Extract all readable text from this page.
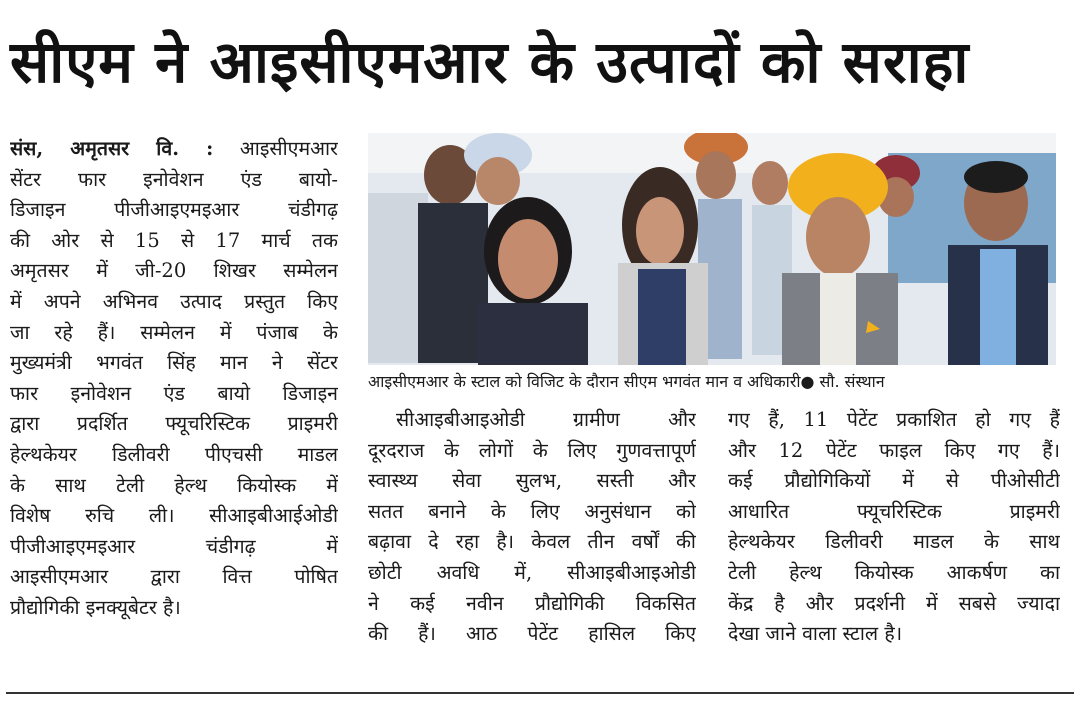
सीएम ने आइसीएमआर के उत्पादों को सराहा
संस, अमृतसर वि. : आइसीएमआर
सेंटर फार इनोवेशन एंड बायो-
डिजाइन पीजीआइएमइआर चंडीगढ़
की ओर से 15 से 17 मार्च तक
अमृतसर में जी-20 शिखर सम्मेलन
में अपने अभिनव उत्पाद प्रस्तुत किए
जा रहे हैं। सम्मेलन में पंजाब के
मुख्यमंत्री भगवंत सिंह मान ने सेंटर
फार इनोवेशन एंड बायो डिजाइन
द्वारा प्रदर्शित फ्यूचरिस्टिक प्राइमरी
हेल्थकेयर डिलीवरी पीएचसी माडल
के साथ टेली हेल्थ कियोस्क में
विशेष रुचि ली। सीआइबीआईओडी
पीजीआइएमइआर चंडीगढ़ में
आइसीएमआर द्वारा वित्त पोषित
प्रौद्योगिकी इनक्यूबेटर है।
आइसीएमआर के स्टाल को विजिट के दौरान सीएम भगवंत मान व अधिकारी● सौ. संस्थान
सीआइबीआइओडी ग्रामीण और
दूरदराज के लोगों के लिए गुणवत्तापूर्ण
स्वास्थ्य सेवा सुलभ, सस्ती और
सतत बनाने के लिए अनुसंधान को
बढ़ावा दे रहा है। केवल तीन वर्षों की
छोटी अवधि में, सीआइबीआइओडी
ने कई नवीन प्रौद्योगिकी विकसित
की हैं। आठ पेटेंट हासिल किए
गए हैं, 11 पेटेंट प्रकाशित हो गए हैं
और 12 पेटेंट फाइल किए गए हैं।
कई प्रौद्योगिकियों में से पीओसीटी
आधारित फ्यूचरिस्टिक प्राइमरी
हेल्थकेयर डिलीवरी माडल के साथ
टेली हेल्थ कियोस्क आकर्षण का
केंद्र है और प्रदर्शनी में सबसे ज्यादा
देखा जाने वाला स्टाल है।
